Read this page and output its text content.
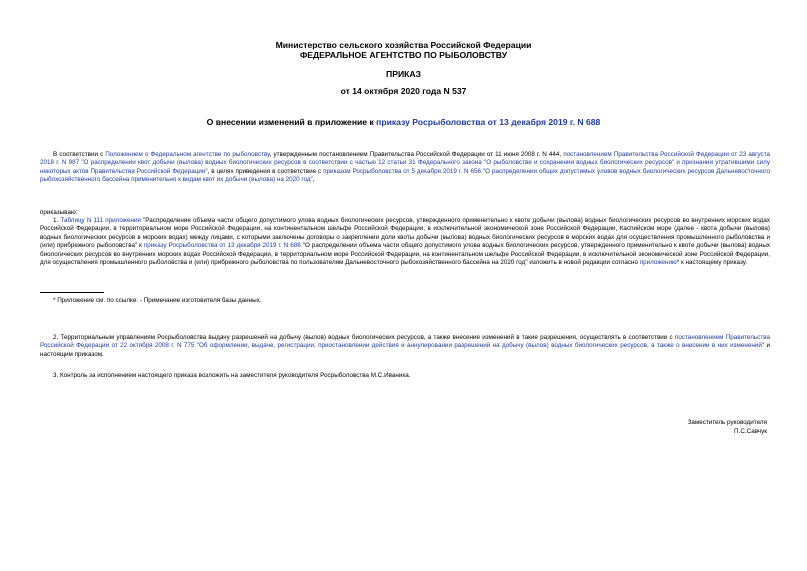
Министерство сельского хозяйства Российской Федерации
ФЕДЕРАЛЬНОЕ АГЕНТСТВО ПО РЫБОЛОВСТВУ
ПРИКАЗ
от 14 октября 2020 года N 537
О внесении изменений в приложение к приказу Росрыболовства от 13 декабря 2019 г. N 688
В соответствии с Положением о Федеральном агентстве по рыболовству, утвержденным постановлением Правительства Российской Федерации от 11 июня 2008 г. N 444, постановлением Правительства Российской Федерации от 23 августа 2018 г. N 987 "О распределении квот добычи (вылова) водных биологических ресурсов в соответствии с частью 12 статьи 31 Федерального закона "О рыболовстве и сохранении водных биологических ресурсов" и признании утратившими силу некоторых актов Правительства Российской Федерации", в целях приведения в соответствие с приказом Росрыболовства от 5 декабря 2019 г. N 656 "О распределении общих допустимых уловов водных биологических ресурсов Дальневосточного рыбохозяйственного бассейна применительно к видам квот их добычи (вылова) на 2020 год",
приказываю:
1. Таблицу N 111 приложения "Распределение объема части общего допустимого улова водных биологических ресурсов, утвержденного применительно к квоте добычи (вылова) водных биологических ресурсов во внутренних морских водах Российской Федерации, в территориальном море Российской Федерации, на континентальном шельфе Российской Федерации, в исключительной экономической зоне Российской Федерации, Каспийском море (далее - квота добычи (вылова) водных биологических ресурсов в морских водах) между лицами, с которыми заключены договоры о закреплении доли квоты добычи (вылова) водных биологических ресурсов в морских водах для осуществления промышленного рыболовства и (или) прибрежного рыболовства" к приказу Росрыболовства от 13 декабря 2019 г. N 688 "О распределении объема части общего допустимого улова водных биологических ресурсов, утвержденного применительно к квоте добычи (вылова) водных биологических ресурсов во внутренних морских водах Российской Федерации, в территориальном море Российской Федерации, на континентальном шельфе Российской Федерации, в исключительной экономической зоне Российской Федерации, для осуществления промышленного рыболовства и (или) прибрежного рыболовства по пользователям Дальневосточного рыбохозяйственного бассейна на 2020 год" изложить в новой редакции согласно приложению* к настоящему приказу.
* Приложение см. по ссылке. - Примечание изготовителя базы данных.
2. Территориальным управлениям Росрыболовства выдачу разрешений на добычу (вылов) водных биологических ресурсов, а также внесение изменений в такие разрешения, осуществлять в соответствии с постановлением Правительства Российской Федерации от 22 октября 2008 г. N 775 "Об оформлении, выдаче, регистрации, приостановлении действия и аннулировании разрешений на добычу (вылов) водных биологических ресурсов, а также о внесении в них изменений" и настоящим приказом.
3. Контроль за исполнением настоящего приказа возложить на заместителя руководителя Росрыболовства М.С.Иваника.
Заместитель руководителя
П.С.Савчук
